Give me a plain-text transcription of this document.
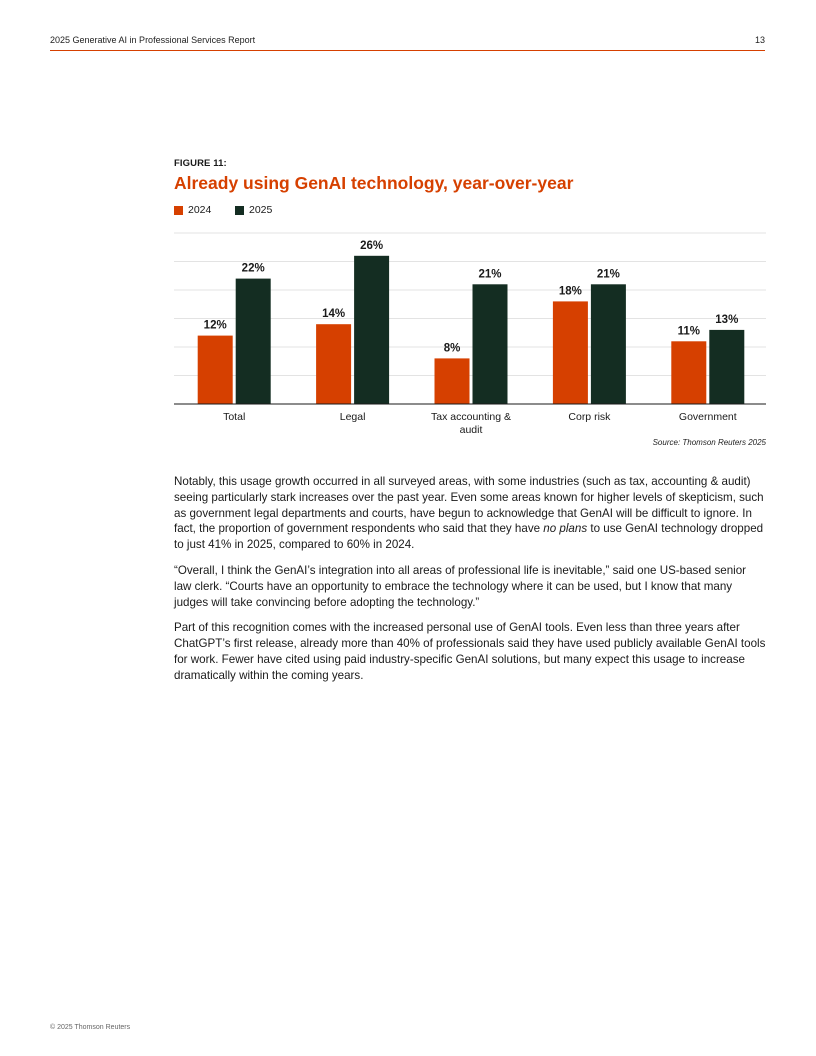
2025 Generative AI in Professional Services Report	13
FIGURE 11:
Already using GenAI technology, year-over-year
2024	2025
12%
22%
Total
14%
26%
Legal
8%
21%
Tax accounting &
audit
18%
21%
Corp risk
11%
13%
Government
Source: Thomson Reuters 2025

Notably, this usage growth occurred in all surveyed areas, with some industries (such as tax, accounting & audit) seeing particularly stark increases over the past year. Even some areas known for higher levels of skepticism, such as government legal departments and courts, have begun to acknowledge that GenAI will be difficult to ignore. In fact, the proportion of government respondents who said that they have no plans to use GenAI technology dropped to just 41% in 2025, compared to 60% in 2024.

“Overall, I think the GenAI’s integration into all areas of professional life is inevitable,” said one US-based senior law clerk. “Courts have an opportunity to embrace the technology where it can be used, but I know that many judges will take convincing before adopting the technology.”

Part of this recognition comes with the increased personal use of GenAI tools. Even less than three years after ChatGPT’s first release, already more than 40% of professionals said they have used publicly available GenAI tools for work. Fewer have cited using paid industry-specific GenAI solutions, but many expect this usage to increase dramatically within the coming years.

© 2025 Thomson Reuters
